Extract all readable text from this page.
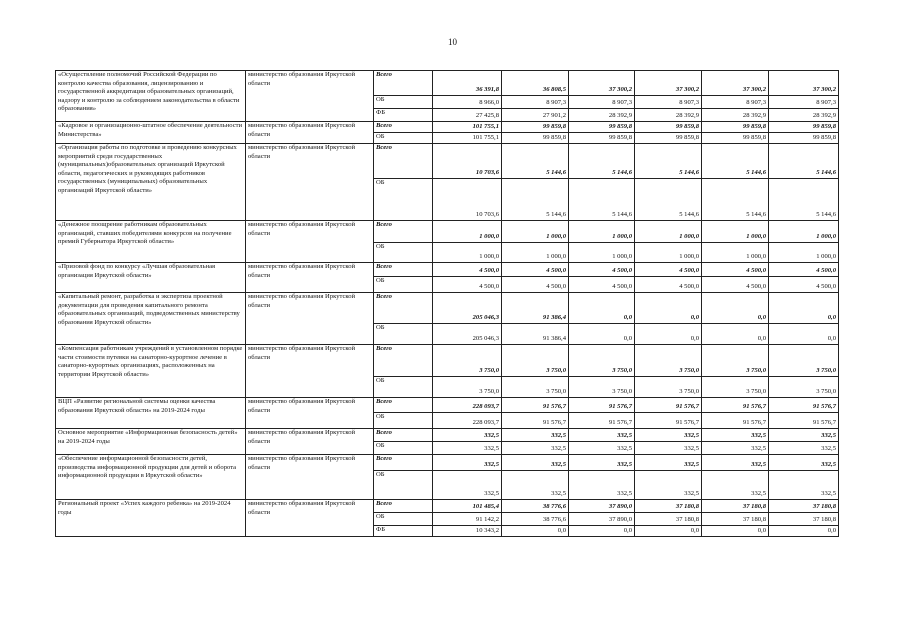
10
«Осуществление полномочий Российской Федерации по контролю качества образования, лицензированию и государственной аккредитации образовательных организаций, надзору и контролю за соблюдением законодательства в области образования»	министерство образования Иркутской области	Всего	36 391,8	36 808,5	37 300,2	37 300,2	37 300,2	37 300,2
		ОБ	8 966,0	8 907,3	8 907,3	8 907,3	8 907,3	8 907,3
		ФБ	27 425,8	27 901,2	28 392,9	28 392,9	28 392,9	28 392,9
«Кадровое и организационно-штатное обеспечение деятельности Министерства»	министерство образования Иркутской области	Всего	101 755,1	99 859,8	99 859,8	99 859,8	99 859,8	99 859,8
		ОБ	101 755,1	99 859,8	99 859,8	99 859,8	99 859,8	99 859,8
«Организация работы по подготовке и проведению конкурсных мероприятий среди государственных (муниципальных)образовательных организаций Иркутской области, педагогических и руководящих работников государственных (муниципальных) образовательных организаций Иркутской области»	министерство образования Иркутской области	Всего	10 703,6	5 144,6	5 144,6	5 144,6	5 144,6	5 144,6
		ОБ	10 703,6	5 144,6	5 144,6	5 144,6	5 144,6	5 144,6
«Денежное поощрение работникам образовательных организаций, ставших победителями конкурсов на получение премий Губернатора Иркутской области»	министерство образования Иркутской области	Всего	1 000,0	1 000,0	1 000,0	1 000,0	1 000,0	1 000,0
		ОБ	1 000,0	1 000,0	1 000,0	1 000,0	1 000,0	1 000,0
«Призовой фонд по конкурсу «Лучшая образовательная организация Иркутской области»	министерство образования Иркутской области	Всего	4 500,0	4 500,0	4 500,0	4 500,0	4 500,0	4 500,0
		ОБ	4 500,0	4 500,0	4 500,0	4 500,0	4 500,0	4 500,0
«Капитальный ремонт, разработка и экспертиза проектной документации для проведения капитального ремонта образовательных организаций, подведомственных министерству образования Иркутской области»	министерство образования Иркутской области	Всего	205 046,3	91 386,4	0,0	0,0	0,0	0,0
		ОБ	205 046,3	91 386,4	0,0	0,0	0,0	0,0
«Компенсация работникам учреждений в установленном порядке части стоимости путевки на санаторно-курортное лечение в санаторно-курортных организациях, расположенных на территории Иркутской области»	министерство образования Иркутской области	Всего	3 750,0	3 750,0	3 750,0	3 750,0	3 750,0	3 750,0
		ОБ	3 750,0	3 750,0	3 750,0	3 750,0	3 750,0	3 750,0
ВЦП «Развитие региональной системы оценки качества образования Иркутской области» на 2019-2024 годы	министерство образования Иркутской области	Всего	228 093,7	91 576,7	91 576,7	91 576,7	91 576,7	91 576,7
		ОБ	228 093,7	91 576,7	91 576,7	91 576,7	91 576,7	91 576,7
Основное мероприятие «Информационная безопасность детей» на 2019-2024 годы	министерство образования Иркутской области	Всего	332,5	332,5	332,5	332,5	332,5	332,5
		ОБ	332,5	332,5	332,5	332,5	332,5	332,5
«Обеспечение информационной безопасности детей, производства информационной продукции для детей и оборота информационной продукции в Иркутской области»	министерство образования Иркутской области	Всего	332,5	332,5	332,5	332,5	332,5	332,5
		ОБ	332,5	332,5	332,5	332,5	332,5	332,5
Региональный проект «Успех каждого ребенка» на 2019-2024 годы	министерство образования Иркутской области	Всего	101 485,4	38 776,6	37 890,0	37 180,8	37 180,8	37 180,8
		ОБ	91 142,2	38 776,6	37 890,0	37 180,8	37 180,8	37 180,8
		ФБ	10 343,2	0,0	0,0	0,0	0,0	0,0
